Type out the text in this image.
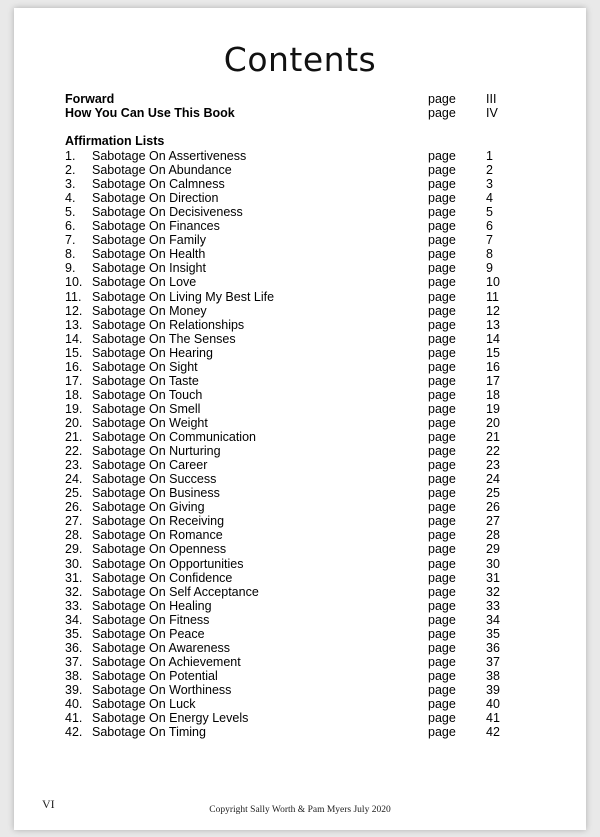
Contents
Forward	page III
How You Can Use This Book	page IV
Affirmation Lists
1. Sabotage On Assertiveness	page 1
2. Sabotage On Abundance	page 2
3. Sabotage On Calmness	page 3
4. Sabotage On Direction	page 4
5. Sabotage On Decisiveness	page 5
6. Sabotage On Finances	page 6
7. Sabotage On Family	page 7
8. Sabotage On Health	page 8
9. Sabotage On Insight	page 9
10. Sabotage On Love	page 10
11. Sabotage On Living My Best Life	page 11
12. Sabotage On Money	page 12
13. Sabotage On Relationships	page 13
14. Sabotage On The Senses	page 14
15. Sabotage On Hearing	page 15
16. Sabotage On Sight	page 16
17. Sabotage On Taste	page 17
18. Sabotage On Touch	page 18
19. Sabotage On Smell	page 19
20. Sabotage On Weight	page 20
21. Sabotage On Communication	page 21
22. Sabotage On Nurturing	page 22
23. Sabotage On Career	page 23
24. Sabotage On Success	page 24
25. Sabotage On Business	page 25
26. Sabotage On Giving	page 26
27. Sabotage On Receiving	page 27
28. Sabotage On Romance	page 28
29. Sabotage On Openness	page 29
30. Sabotage On Opportunities	page 30
31. Sabotage On Confidence	page 31
32. Sabotage On Self Acceptance	page 32
33. Sabotage On Healing	page 33
34. Sabotage On Fitness	page 34
35. Sabotage On Peace	page 35
36. Sabotage On Awareness	page 36
37. Sabotage On Achievement	page 37
38. Sabotage On Potential	page 38
39. Sabotage On Worthiness	page 39
40. Sabotage On Luck	page 40
41. Sabotage On Energy Levels	page 41
42. Sabotage On Timing	page 42
VI	Copyright Sally Worth & Pam Myers July 2020
